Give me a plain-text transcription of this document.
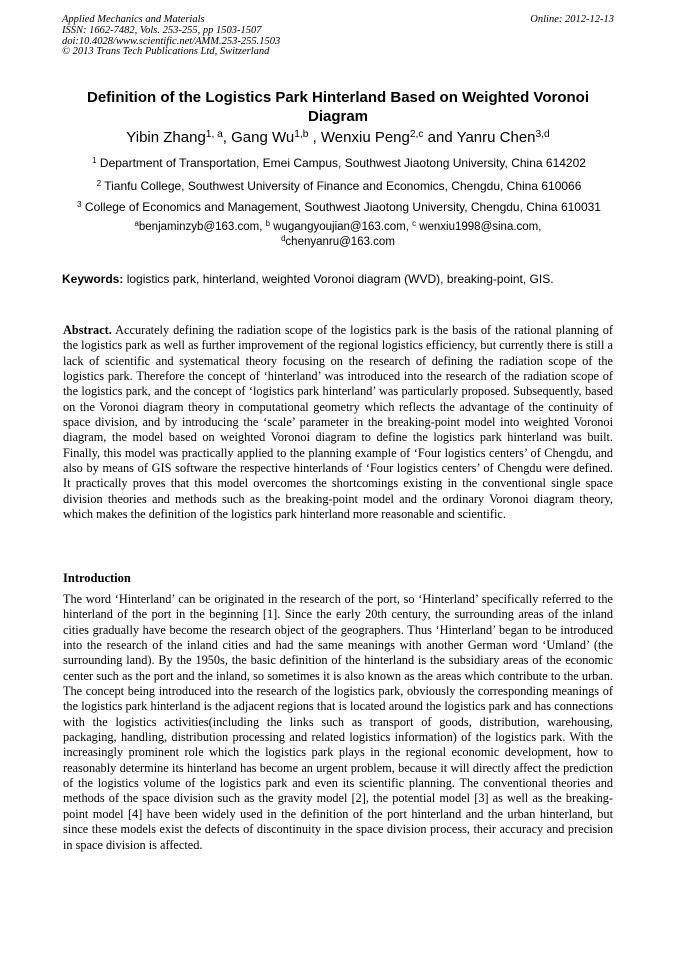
Applied Mechanics and Materials
ISSN: 1662-7482, Vols. 253-255, pp 1503-1507
doi:10.4028/www.scientific.net/AMM.253-255.1503
© 2013 Trans Tech Publications Ltd, Switzerland
Online: 2012-12-13
Definition of the Logistics Park Hinterland Based on Weighted Voronoi
Diagram
Yibin Zhang$^{1, a}$, Gang Wu$^{1,b}$ , Wenxiu Peng$^{2,c}$ and Yanru Chen$^{3,d}$
$^1$ Department of Transportation, Emei Campus, Southwest Jiaotong University, China 614202
$^2$ Tianfu College, Southwest University of Finance and Economics, Chengdu, China 610066
$^3$ College of Economics and Management, Southwest Jiaotong University, Chengdu, China 610031
$^a$benjaminzyb@163.com, $^b$ wugangyoujian@163.com, $^c$ wenxiu1998@sina.com,
$^d$chenyanru@163.com
Keywords: logistics park, hinterland, weighted Voronoi diagram (WVD), breaking-point, GIS.
Abstract. Accurately defining the radiation scope of the logistics park is the basis of the rational planning of the logistics park as well as further improvement of the regional logistics efficiency, but currently there is still a lack of scientific and systematical theory focusing on the research of defining the radiation scope of the logistics park. Therefore the concept of ‘hinterland’ was introduced into the research of the radiation scope of the logistics park, and the concept of ‘logistics park hinterland’ was particularly proposed. Subsequently, based on the Voronoi diagram theory in computational geometry which reflects the advantage of the continuity of space division, and by introducing the ‘scale’ parameter in the breaking-point model into weighted Voronoi diagram, the model based on weighted Voronoi diagram to define the logistics park hinterland was built. Finally, this model was practically applied to the planning example of ‘Four logistics centers’ of Chengdu, and also by means of GIS software the respective hinterlands of ‘Four logistics centers’ of Chengdu were defined. It practically proves that this model overcomes the shortcomings existing in the conventional single space division theories and methods such as the breaking-point model and the ordinary Voronoi diagram theory, which makes the definition of the logistics park hinterland more reasonable and scientific.
Introduction
The word ‘Hinterland’ can be originated in the research of the port, so ‘Hinterland’ specifically referred to the hinterland of the port in the beginning [1]. Since the early 20th century, the surrounding areas of the inland cities gradually have become the research object of the geographers. Thus ‘Hinterland’ began to be introduced into the research of the inland cities and had the same meanings with another German word ‘Umland’ (the surrounding land). By the 1950s, the basic definition of the hinterland is the subsidiary areas of the economic center such as the port and the inland, so sometimes it is also known as the areas which contribute to the urban. The concept being introduced into the research of the logistics park, obviously the corresponding meanings of the logistics park hinterland is the adjacent regions that is located around the logistics park and has connections with the logistics activities(including the links such as transport of goods, distribution, warehousing, packaging, handling, distribution processing and related logistics information) of the logistics park. With the increasingly prominent role which the logistics park plays in the regional economic development, how to reasonably determine its hinterland has become an urgent problem, because it will directly affect the prediction of the logistics volume of the logistics park and even its scientific planning. The conventional theories and methods of the space division such as the gravity model [2], the potential model [3] as well as the breaking-point model [4] have been widely used in the definition of the port hinterland and the urban hinterland, but since these models exist the defects of discontinuity in the space division process, their accuracy and precision in space division is affected.
